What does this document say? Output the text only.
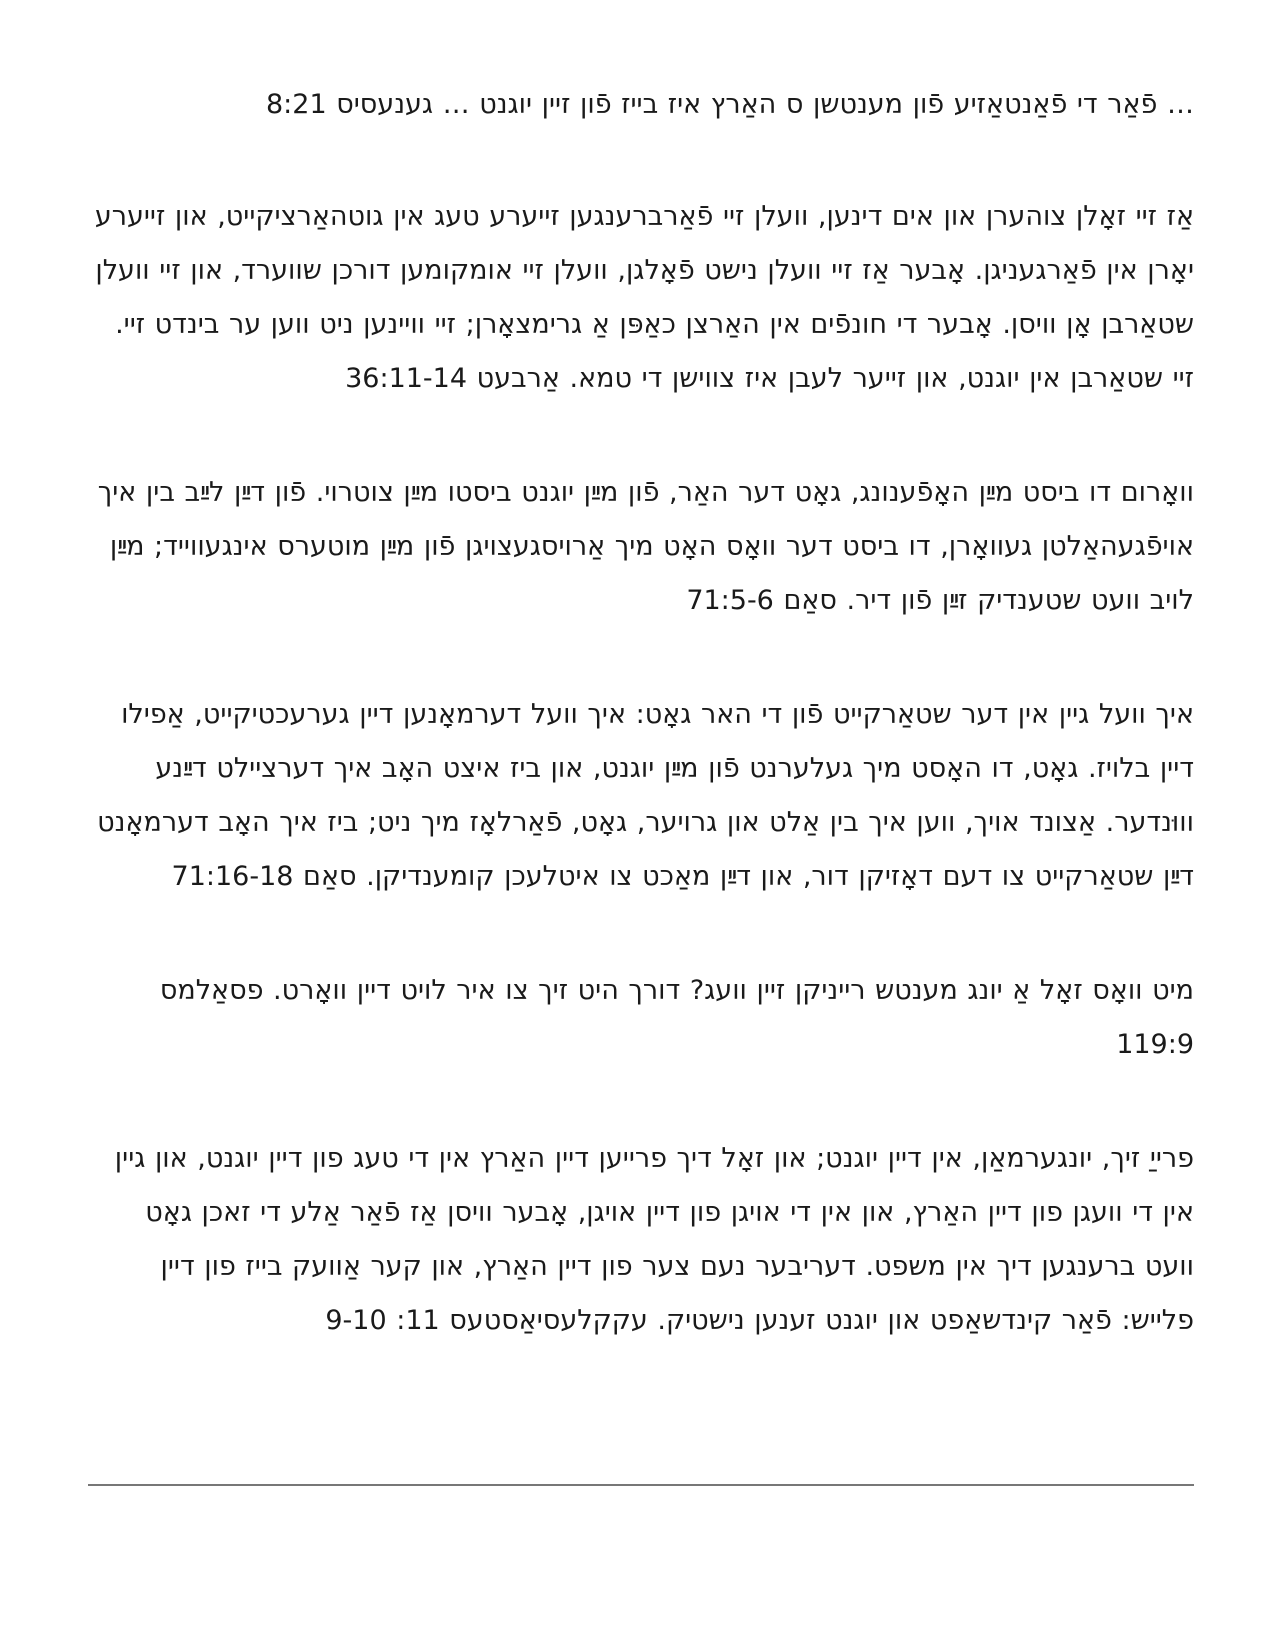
… פֿאַר די פֿאַנטאַזיע פֿון מענטשן ס האַרץ איז בייז פֿון זיין יוגנט … גענעסיס 8:21

אַז זיי זאָלן צוהערן און אים דינען, וועלן זיי פֿאַרברענגען זייערע טעג אין גוטהאַרציקייט, און זייערע יאָרן אין פֿאַרגעניגן. אָבער אַז זיי וועלן נישט פֿאָלגן, וועלן זיי אומקומען דורכן שווערד, און זיי וועלן שטאַרבן אָן וויסן. אָבער די חונפֿים אין האַרצן כאַפּן אַ גרימצאָרן; זיי וויינען ניט ווען ער בינדט זיי. זיי שטאַרבן אין יוגנט, און זייער לעבן איז צווישן די טמא. אַרבעט 36:11-14

וואָרום דו ביסט מײַן האָפֿענונג, גאָט דער האַר, פֿון מײַן יוגנט ביסטו מײַן צוטרוי. פֿון דײַן לײַב בין איך אויפֿגעהאַלטן געוואָרן, דו ביסט דער וואָס האָט מיך אַרויסגעצויגן פֿון מײַן מוטערס אינגעווייד; מײַן לויב וועט שטענדיק זײַן פֿון דיר. סאַם 71:5-6

איך וועל גיין אין דער שטאַרקייט פֿון די האר גאָט: איך וועל דערמאָנען דיין גערעכטיקייט, אַפילו דיין בלויז. גאָט, דו האָסט מיך געלערנט פֿון מײַן יוגנט, און ביז איצט האָב איך דערציילט דײַנע וווּנדער. אַצונד אויך, ווען איך בין אַלט און גרויער, גאָט, פֿאַרלאָז מיך ניט; ביז איך האָב דערמאָנט דײַן שטאַרקייט צו דעם דאָזיקן דור, און דײַן מאַכט צו איטלעכן קומענדיקן. סאַם 71:16-18

מיט וואָס זאָל אַ יונג מענטש רייניקן זיין וועג? דורך היט זיך צו איר לויט דיין וואָרט. פסאַלמס 119:9

פרייַ זיך, יונגערמאַן, אין דיין יוגנט; און זאָל דיך פרייען דיין האַרץ אין די טעג פון דיין יוגנט, און גיין אין די וועגן פון דיין האַרץ, און אין די אויגן פון דיין אויגן, אָבער וויסן אַז פֿאַר אַלע די זאכן גאָט וועט ברענגען דיך אין משפט. דעריבער נעם צער פון דיין האַרץ, און קער אַוועק בייז פון דיין פלייש: פֿאַר קינדשאַפט און יוגנט זענען נישטיק. עקקלעסיאַסטעס 11: 9-10
